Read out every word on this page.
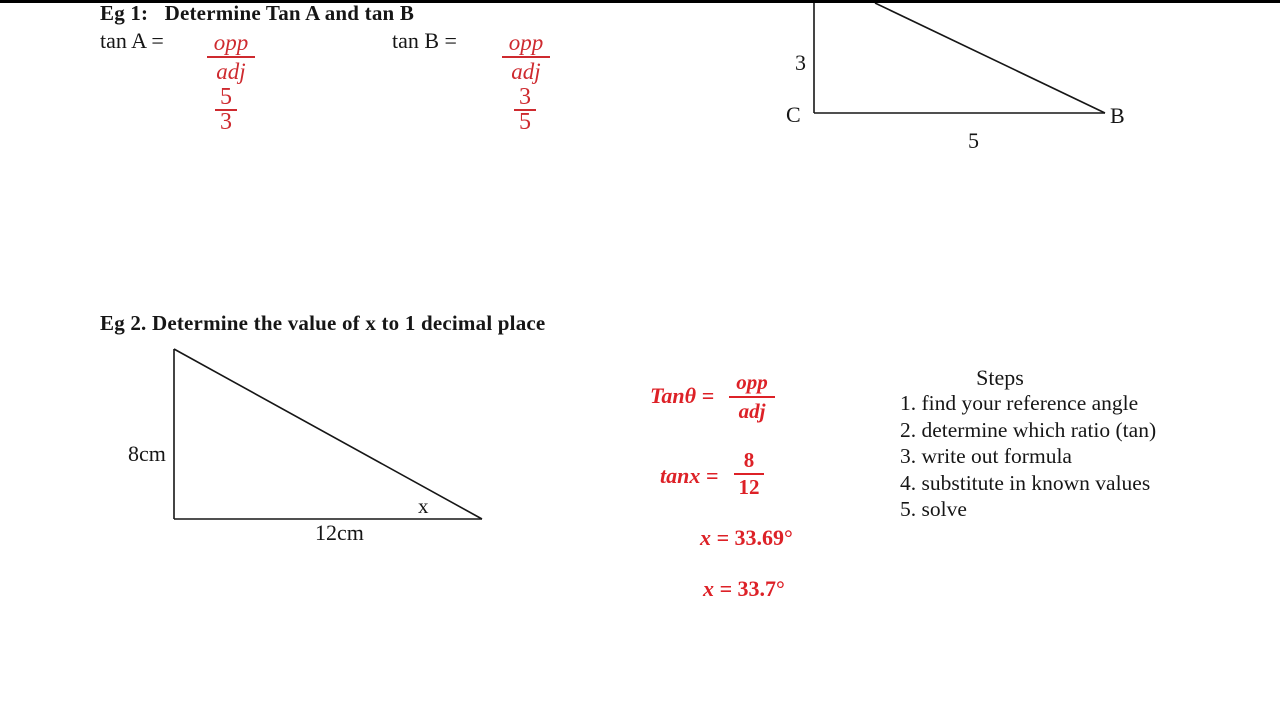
Eg 1:   Determine Tan A and tan B
tan A = opp
adj
$\frac{5}{3}$
tan B = opp
adj
$\frac{3}{5}$
3
C	B
5
Eg 2. Determine the value of x to 1 decimal place
8cm
12cm
x
Tanθ =
opp
adj
$\tan x = \frac{8}{12}$
x = 33.69°
x = 33.7°
Steps
1. find your reference angle
2. determine which ratio (tan)
3. write out formula
4. substitute in known values
5. solve
